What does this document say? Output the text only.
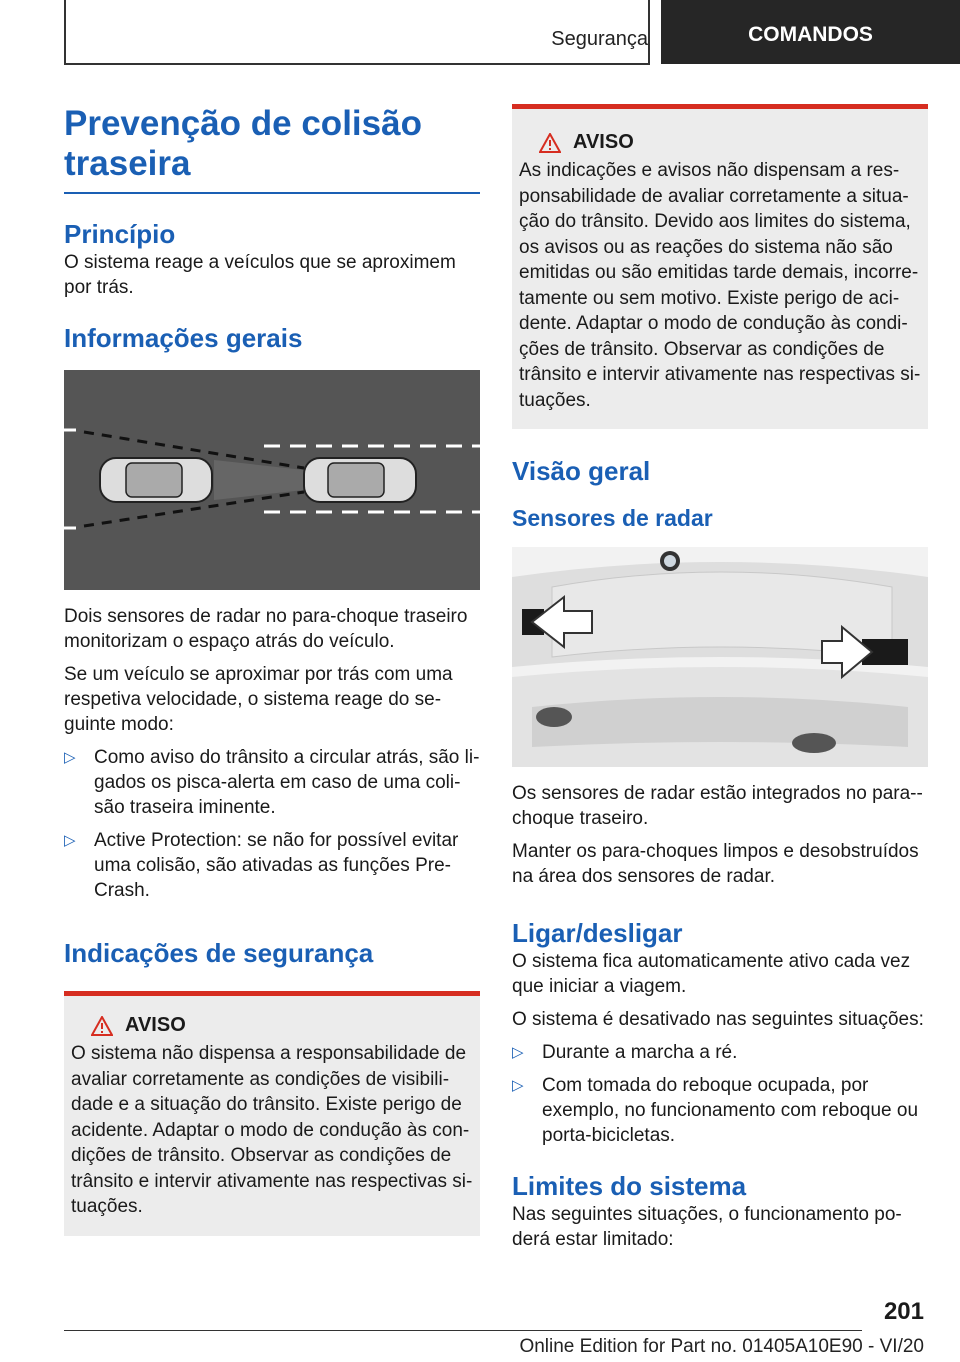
Segurança	COMANDOS
Prevenção de colisão traseira
Princípio

O sistema reage a veículos que se aproximem por trás.

Informações gerais

Dois sensores de radar no para-choque traseiro monitorizam o espaço atrás do veículo.

Se um veículo se aproximar por trás com uma respetiva velocidade, o sistema reage do se-guinte modo:

▷ Como aviso do trânsito a circular atrás, são li-gados os pisca-alerta em caso de uma coli-são traseira iminente.
▷ Active Protection: se não for possível evitar uma colisão, são ativadas as funções Pre-Crash.
Indicações de segurança
AVISO

O sistema não dispensa a responsabilidade de avaliar corretamente as condições de visibili-dade e a situação do trânsito. Existe perigo de acidente. Adaptar o modo de condução às con-dições de trânsito. Observar as condições de trânsito e intervir ativamente nas respectivas si-tuações.

AVISO

As indicações e avisos não dispensam a res-ponsabilidade de avaliar corretamente a situa-ção do trânsito. Devido aos limites do sistema, os avisos ou as reações do sistema não são emitidas ou são emitidas tarde demais, incorre-tamente ou sem motivo. Existe perigo de aci-dente. Adaptar o modo de condução às condi-ções de trânsito. Observar as condições de trânsito e intervir ativamente nas respectivas si-tuações.

Visão geral
Sensores de radar

Os sensores de radar estão integrados no para--choque traseiro.

Manter os para-choques limpos e desobstruídos na área dos sensores de radar.

Ligar/desligar

O sistema fica automaticamente ativo cada vez que iniciar a viagem.

O sistema é desativado nas seguintes situações:

▷ Durante a marcha a ré.
▷ Com tomada do reboque ocupada, por exemplo, no funcionamento com reboque ou porta-bicicletas.
Limites do sistema

Nas seguintes situações, o funcionamento po-derá estar limitado:

201
Online Edition for Part no. 01405A10E90 - VI/20
